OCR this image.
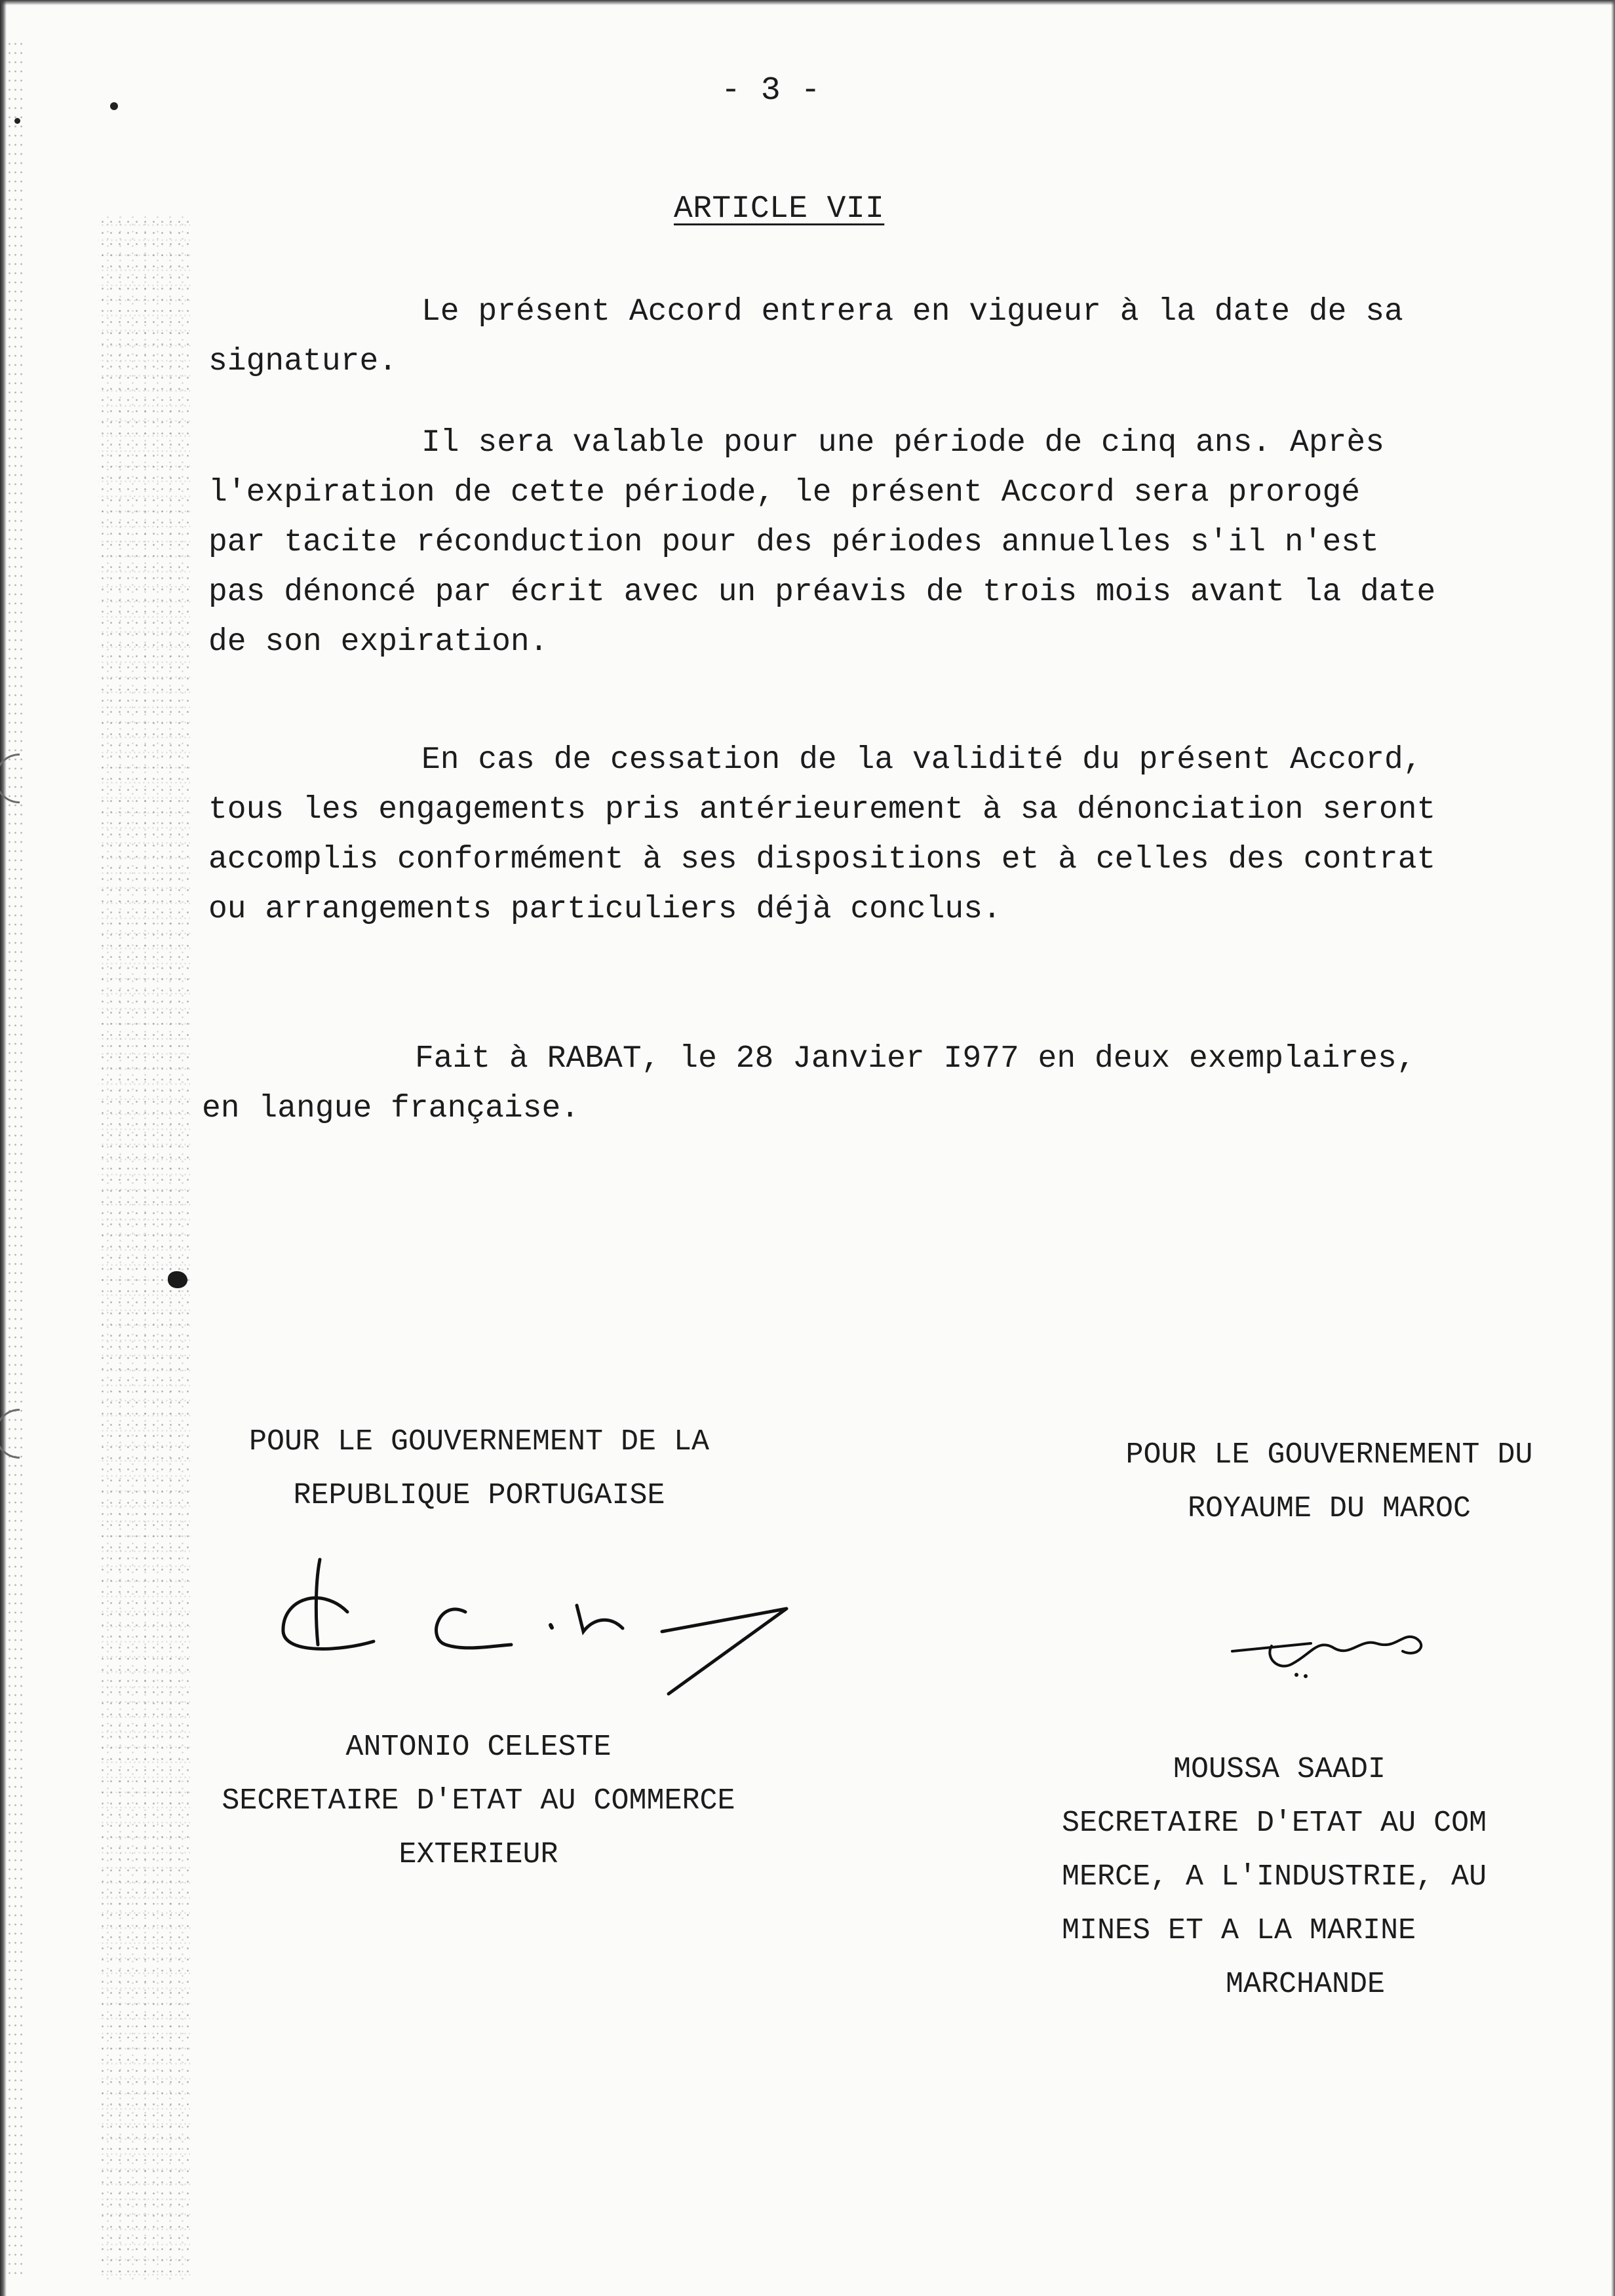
- 3 -
ARTICLE VII
Le présent Accord entrera en vigueur à la date de sa
signature.
Il sera valable pour une période de cinq ans. Après
l'expiration de cette période, le présent Accord sera prorogé
par tacite réconduction pour des périodes annuelles s'il n'est
pas dénoncé par écrit avec un préavis de trois mois avant la date
de son expiration.
En cas de cessation de la validité du présent Accord,
tous les engagements pris antérieurement à sa dénonciation seront
accomplis conformément à ses dispositions et à celles des contrat
ou arrangements particuliers déjà conclus.
Fait à RABAT, le 28 Janvier I977 en deux exemplaires,
en langue française.
POUR LE GOUVERNEMENT DE LA
REPUBLIQUE PORTUGAISE
ANTONIO CELESTE
SECRETAIRE D'ETAT AU COMMERCE
EXTERIEUR
POUR LE GOUVERNEMENT DU
ROYAUME DU MAROC
MOUSSA SAADI
SECRETAIRE D'ETAT AU COM
MERCE, A L'INDUSTRIE, AU
MINES ET A LA MARINE
MARCHANDE
